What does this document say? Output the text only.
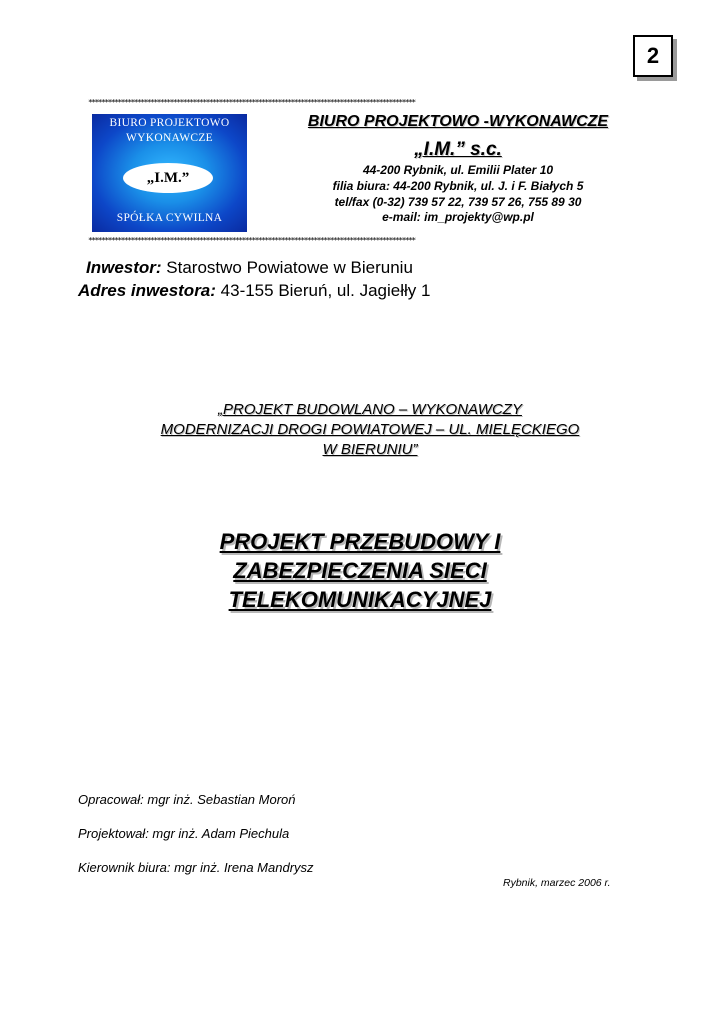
2
****************************************************************************************************
BIURO PROJEKTOWO
WYKONAWCZE
„I.M.”
SPÓŁKA CYWILNA
BIURO PROJEKTOWO -WYKONAWCZE
„I.M.” s.c.
44-200 Rybnik, ul. Emilii Plater 10
filia biura: 44-200 Rybnik, ul. J. i F. Białych 5
tel/fax (0-32) 739 57 22, 739 57 26, 755 89 30
e-mail: im_projekty@wp.pl
****************************************************************************************************
Inwestor: Starostwo Powiatowe w Bieruniu
Adres inwestora: 43-155 Bieruń, ul. Jagiełły 1
„PROJEKT BUDOWLANO – WYKONAWCZY
MODERNIZACJI DROGI POWIATOWEJ – UL. MIELĘCKIEGO
W BIERUNIU”
PROJEKT PRZEBUDOWY I
ZABEZPIECZENIA SIECI
TELEKOMUNIKACYJNEJ
Opracował: mgr inż. Sebastian Moroń
Projektował: mgr inż. Adam Piechula
Kierownik biura: mgr inż. Irena Mandrysz
Rybnik, marzec 2006 r.
